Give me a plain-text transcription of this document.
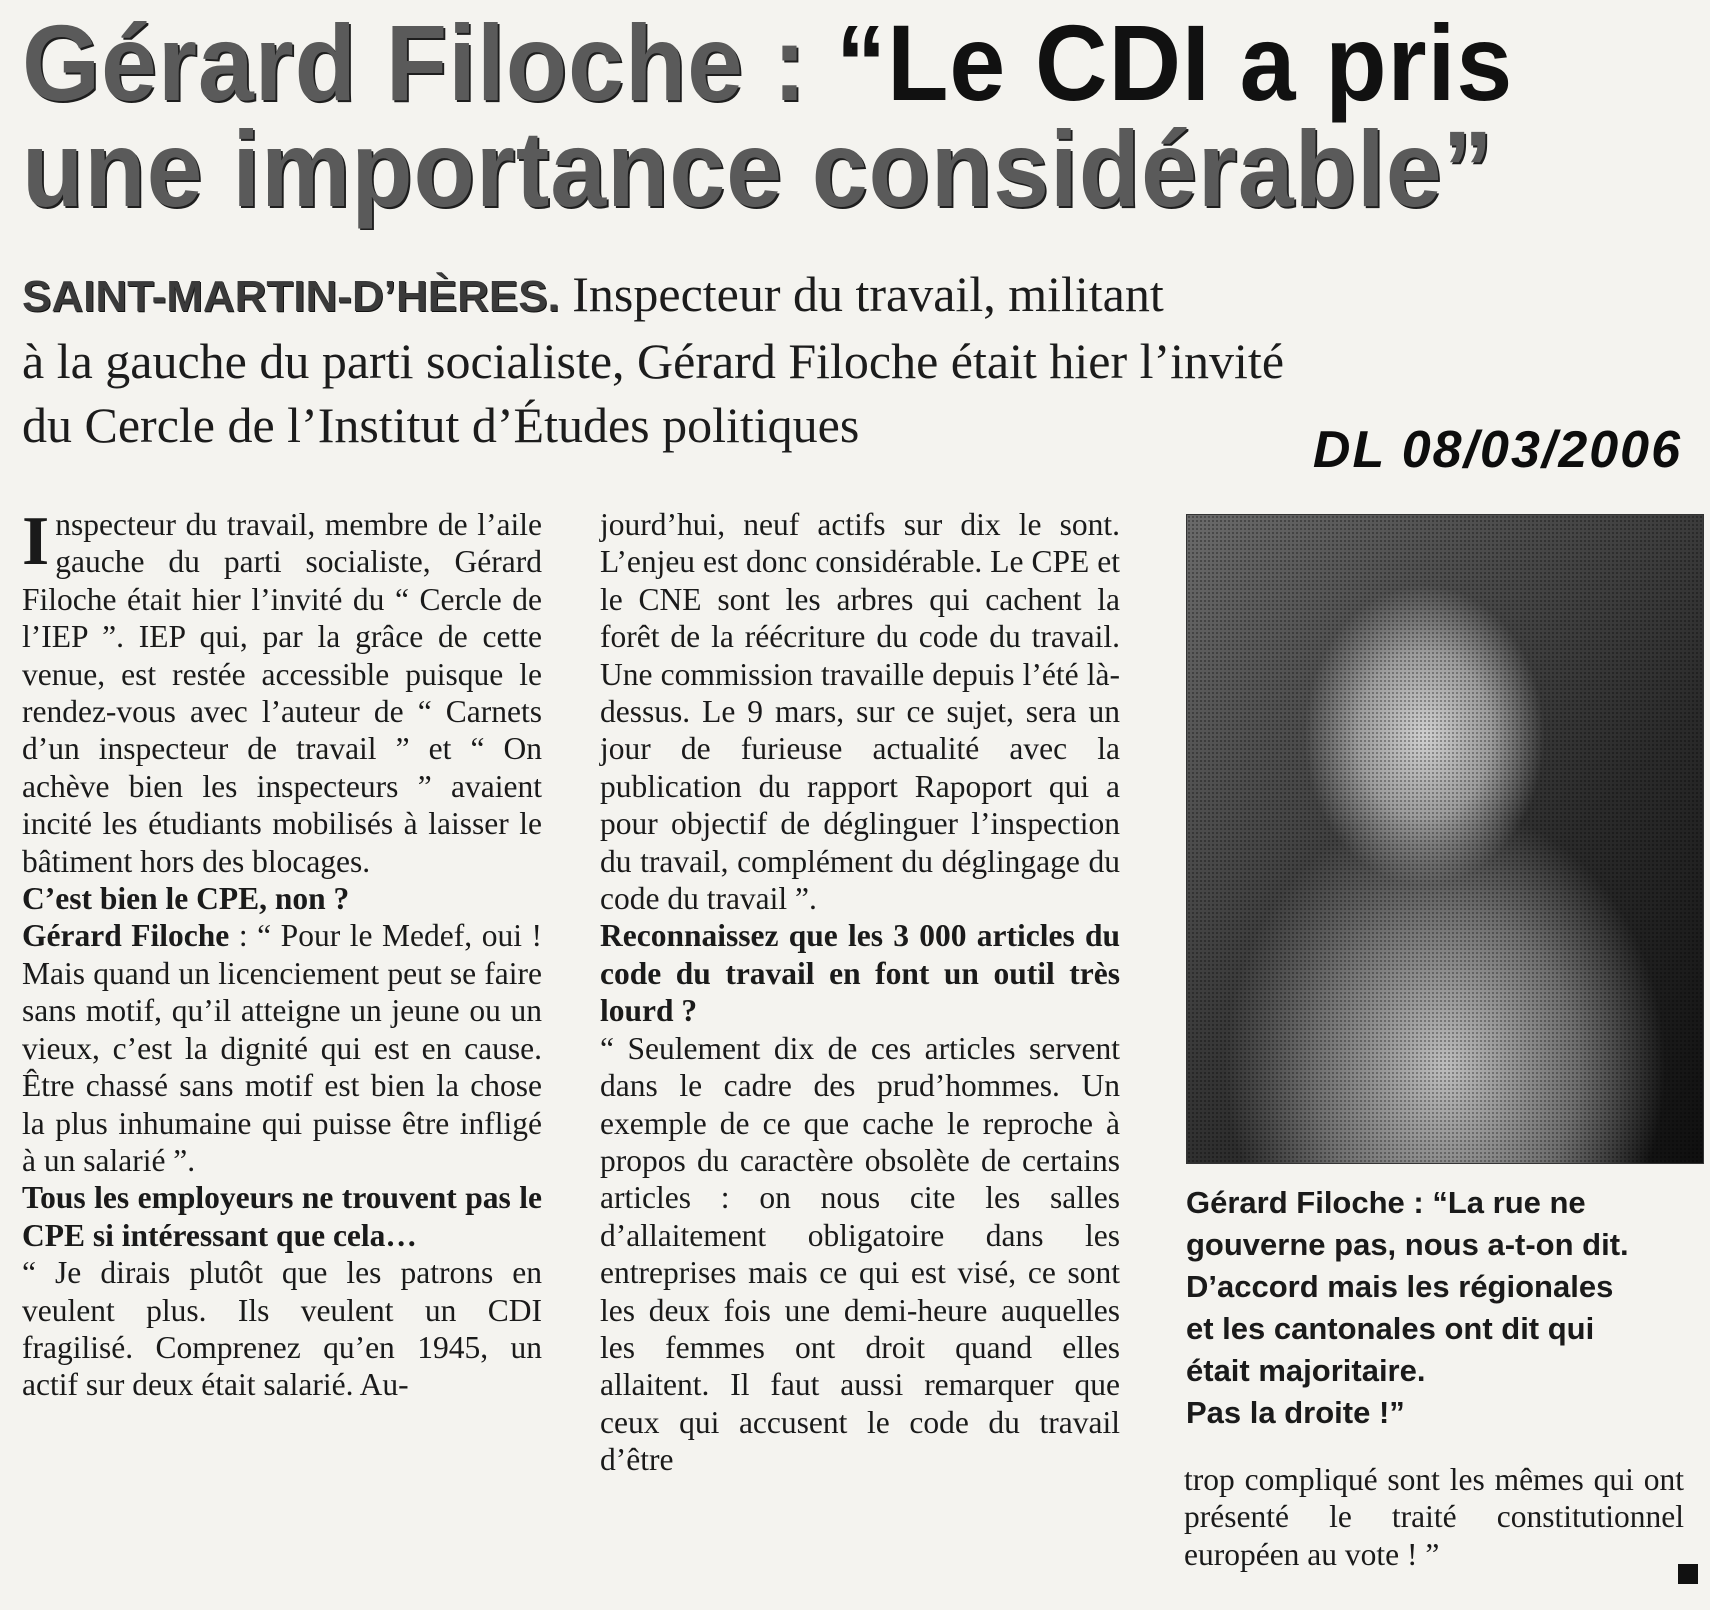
Gérard Filoche : “Le CDI a pris
une importance considérable”
SAINT-MARTIN-D’HÈRES. Inspecteur du travail, militant
à la gauche du parti socialiste, Gérard Filoche était hier l’invité
du Cercle de l’Institut d’Études politiques	DL 08/03/2006

Inspecteur du travail, membre de l’aile gauche du parti socialiste, Gérard Filoche était hier l’invité du “ Cercle de l’IEP ”. IEP qui, par la grâce de cette venue, est restée accessible puisque le rendez-vous avec l’auteur de “ Carnets d’un inspecteur de travail ” et “ On achève bien les inspecteurs ” avaient incité les étudiants mobilisés à laisser le bâtiment hors des blocages.

C’est bien le CPE, non ?

Gérard Filoche : “ Pour le Medef, oui ! Mais quand un licenciement peut se faire sans motif, qu’il atteigne un jeune ou un vieux, c’est la dignité qui est en cause. Être chassé sans motif est bien la chose la plus inhumaine qui puisse être infligé à un salarié ”.

Tous les employeurs ne trouvent pas le CPE si intéressant que cela…

“ Je dirais plutôt que les patrons en veulent plus. Ils veulent un CDI fragilisé. Comprenez qu’en 1945, un actif sur deux était salarié. Au-

jourd’hui, neuf actifs sur dix le sont. L’enjeu est donc considérable. Le CPE et le CNE sont les arbres qui cachent la forêt de la réécriture du code du travail. Une commission travaille depuis l’été là-dessus. Le 9 mars, sur ce sujet, sera un jour de furieuse actualité avec la publication du rapport Rapoport qui a pour objectif de déglinguer l’inspection du travail, complément du déglingage du code du travail ”.

Reconnaissez que les 3 000 articles du code du travail en font un outil très lourd ?

“ Seulement dix de ces articles servent dans le cadre des prud’hommes. Un exemple de ce que cache le reproche à propos du caractère obsolète de certains articles : on nous cite les salles d’allaitement obligatoire dans les entreprises mais ce qui est visé, ce sont les deux fois une demi-heure auquelles les femmes ont droit quand elles allaitent. Il faut aussi remarquer que ceux qui accusent le code du travail d’être

Gérard Filoche : “La rue ne
gouverne pas, nous a-t-on dit.
D’accord mais les régionales
et les cantonales ont dit qui
était majoritaire.
Pas la droite !”

trop compliqué sont les mêmes qui ont présenté le traité constitutionnel européen au vote ! ”
